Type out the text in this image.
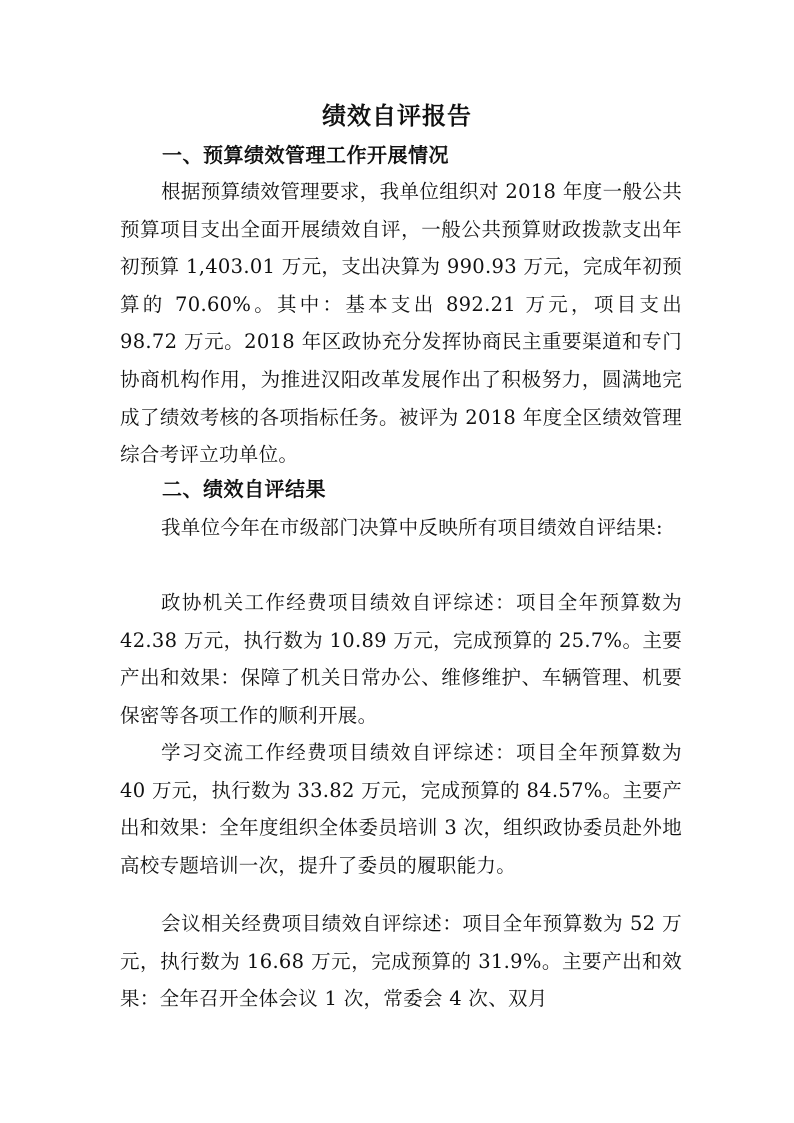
绩效自评报告
一、预算绩效管理工作开展情况

根据预算绩效管理要求，我单位组织对 2018 年度一般公共预算项目支出全面开展绩效自评，一般公共预算财政拨款支出年初预算 1,403.01 万元，支出决算为 990.93 万元，完成年初预算的 70.60%。其中：基本支出 892.21 万元，项目支出 98.72 万元。2018 年区政协充分发挥协商民主重要渠道和专门协商机构作用，为推进汉阳改革发展作出了积极努力，圆满地完成了绩效考核的各项指标任务。被评为 2018 年度全区绩效管理综合考评立功单位。

二、绩效自评结果

我单位今年在市级部门决算中反映所有项目绩效自评结果:

政协机关工作经费项目绩效自评综述：项目全年预算数为 42.38 万元，执行数为 10.89 万元，完成预算的 25.7%。主要产出和效果：保障了机关日常办公、维修维护、车辆管理、机要保密等各项工作的顺利开展。

学习交流工作经费项目绩效自评综述：项目全年预算数为 40 万元，执行数为 33.82 万元，完成预算的 84.57%。主要产出和效果：全年度组织全体委员培训 3 次，组织政协委员赴外地高校专题培训一次，提升了委员的履职能力。

会议相关经费项目绩效自评综述：项目全年预算数为 52 万元，执行数为 16.68 万元，完成预算的 31.9%。主要产出和效果：全年召开全体会议 1 次，常委会 4 次、双月
